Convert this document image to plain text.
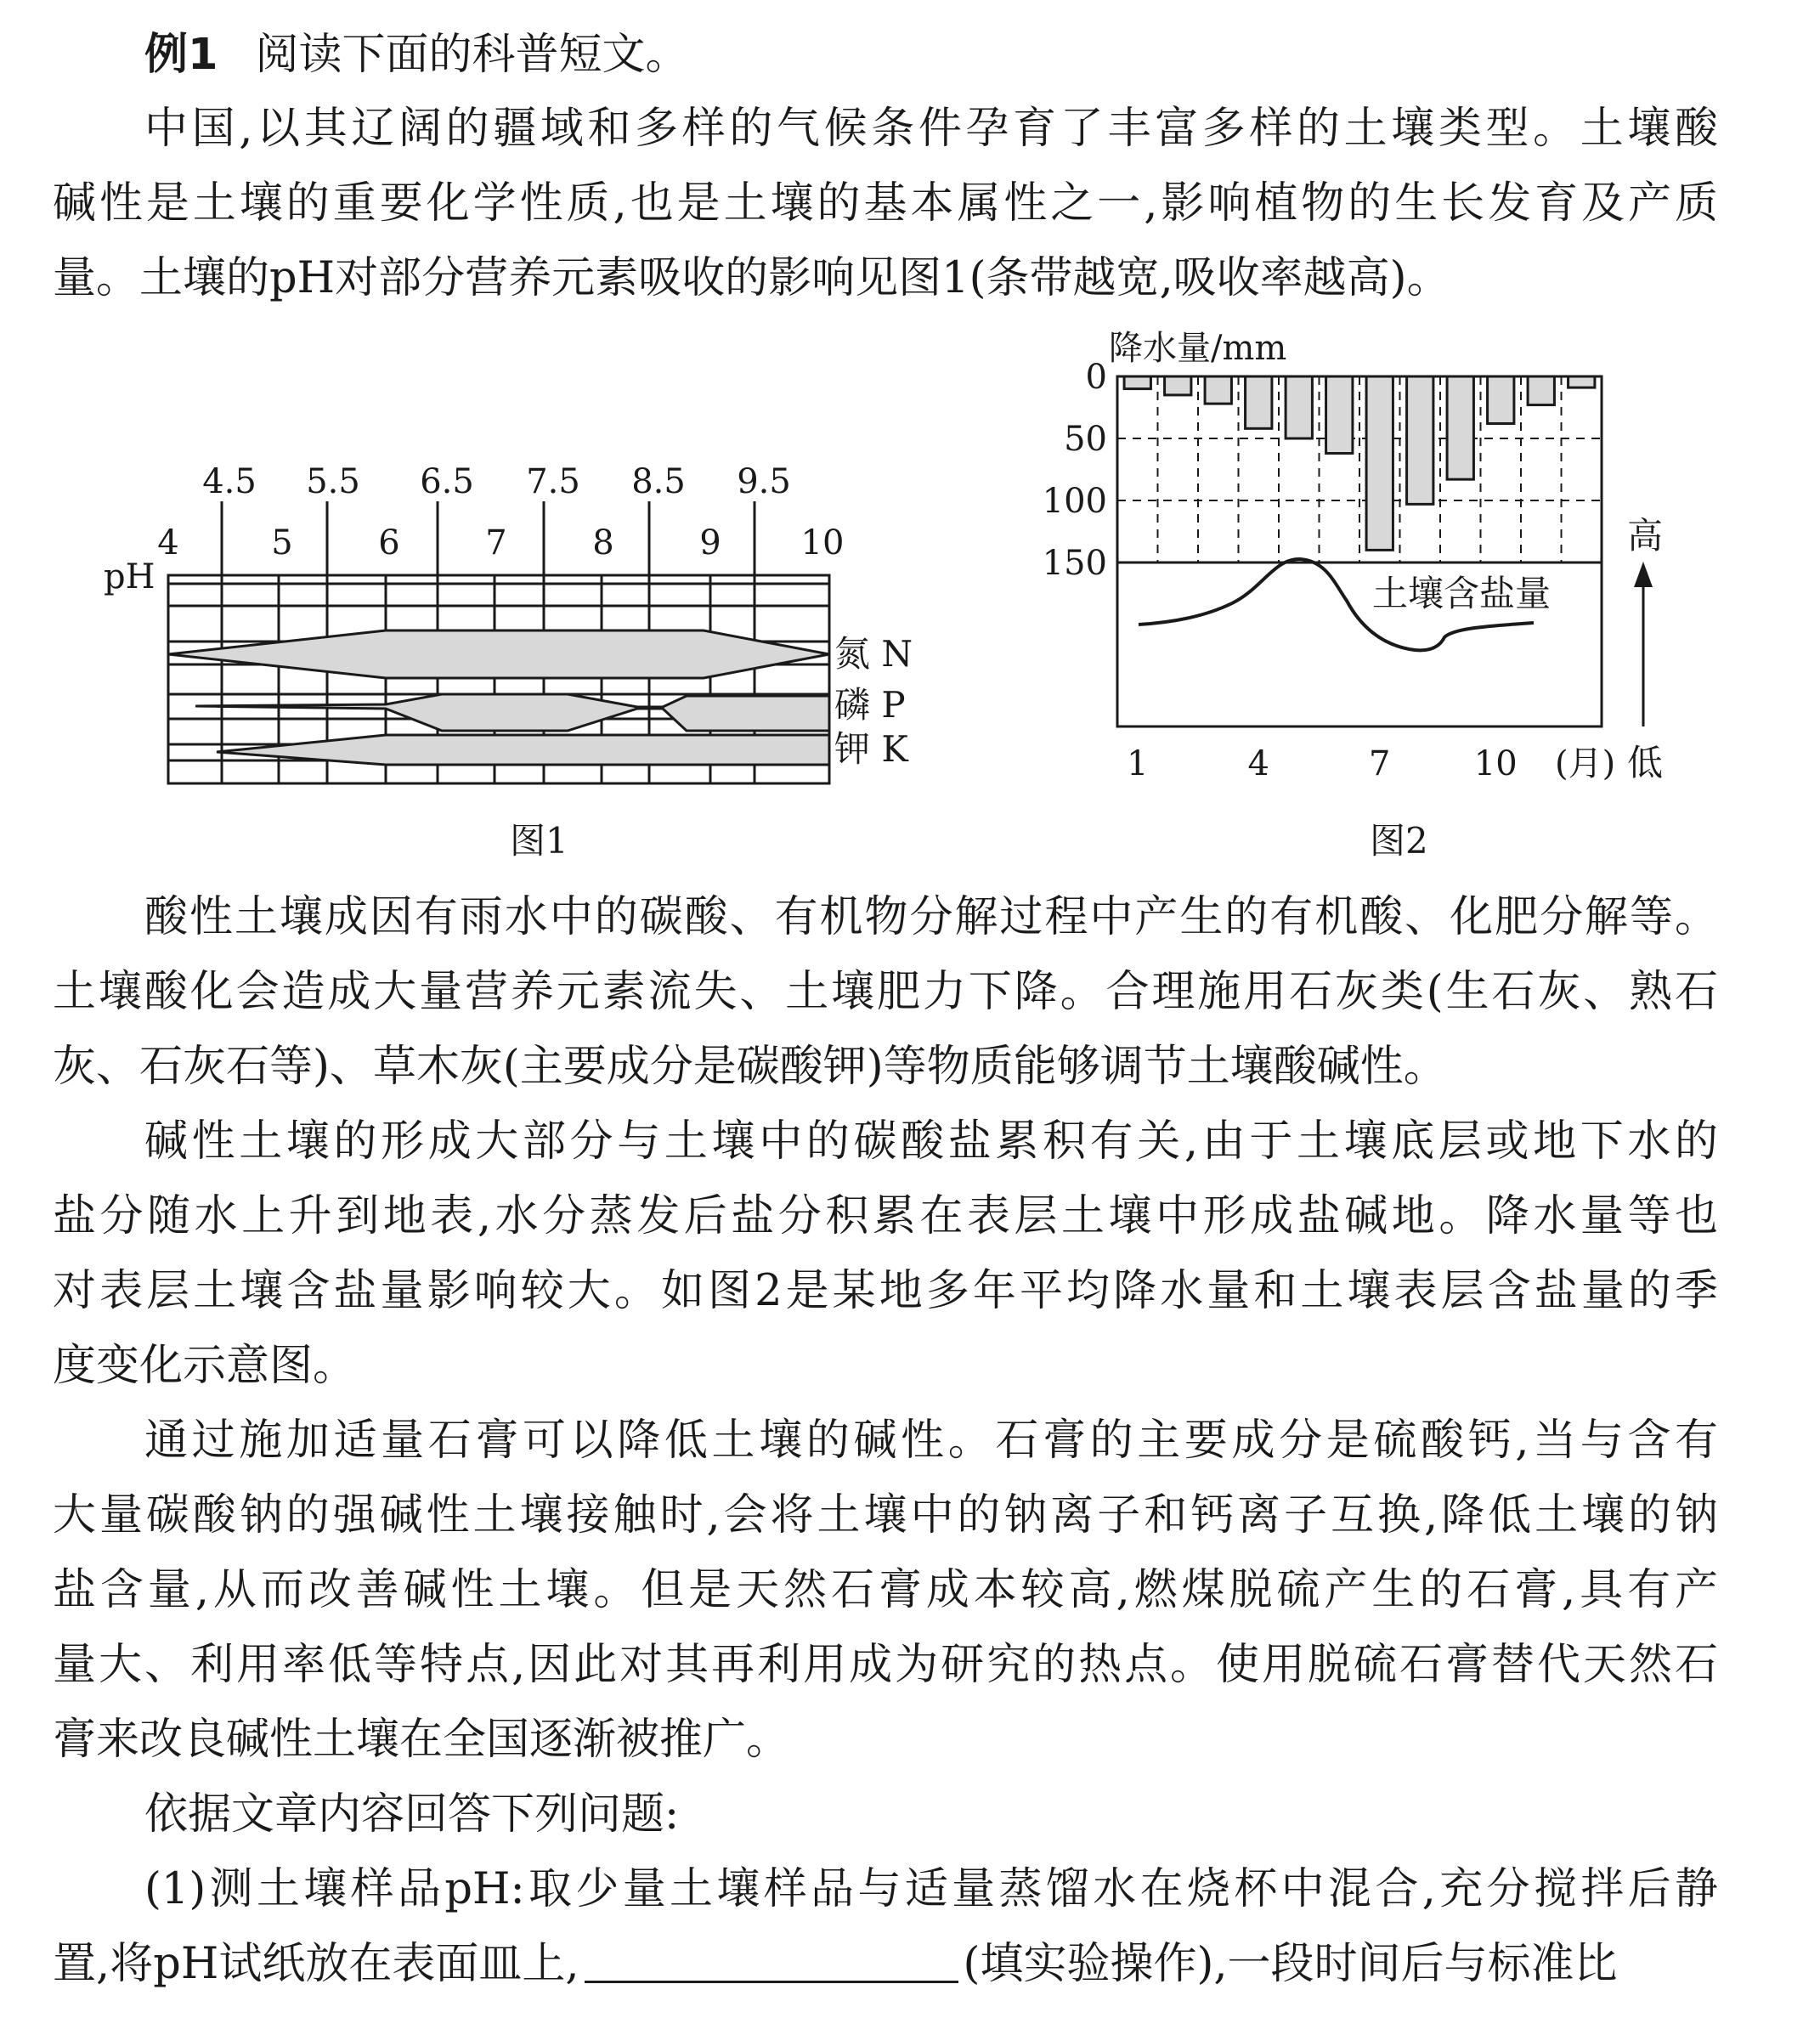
例1 阅读下面的科普短文。
中国,以其辽阔的疆域和多样的气候条件孕育了丰富多样的土壤类型。土壤酸
碱性是土壤的重要化学性质,也是土壤的基本属性之一,影响植物的生长发育及产质
量。土壤的pH对部分营养元素吸收的影响见图1(条带越宽,吸收率越高)。
4.5 5.5 6.5 7.5 8.5 9.5
4	5	6	7	8	9 10
pH
氮 N
磷 P
钾 K
图1
降水量/mm
0
50
100
150
土壤含盐量
1	4	7 10 (月)
高
低
图2
酸性土壤成因有雨水中的碳酸、有机物分解过程中产生的有机酸、化肥分解等。
土壤酸化会造成大量营养元素流失、土壤肥力下降。合理施用石灰类(生石灰、熟石
灰、石灰石等)、草木灰(主要成分是碳酸钾)等物质能够调节土壤酸碱性。
碱性土壤的形成大部分与土壤中的碳酸盐累积有关,由于土壤底层或地下水的
盐分随水上升到地表,水分蒸发后盐分积累在表层土壤中形成盐碱地。降水量等也
对表层土壤含盐量影响较大。如图2是某地多年平均降水量和土壤表层含盐量的季
度变化示意图。
通过施加适量石膏可以降低土壤的碱性。石膏的主要成分是硫酸钙,当与含有
大量碳酸钠的强碱性土壤接触时,会将土壤中的钠离子和钙离子互换,降低土壤的钠
盐含量,从而改善碱性土壤。但是天然石膏成本较高,燃煤脱硫产生的石膏,具有产
量大、利用率低等特点,因此对其再利用成为研究的热点。使用脱硫石膏替代天然石
膏来改良碱性土壤在全国逐渐被推广。
依据文章内容回答下列问题:
(1)测土壤样品pH:取少量土壤样品与适量蒸馏水在烧杯中混合,充分搅拌后静
置,将pH试纸放在表面皿上,	(填实验操作),一段时间后与标准比
